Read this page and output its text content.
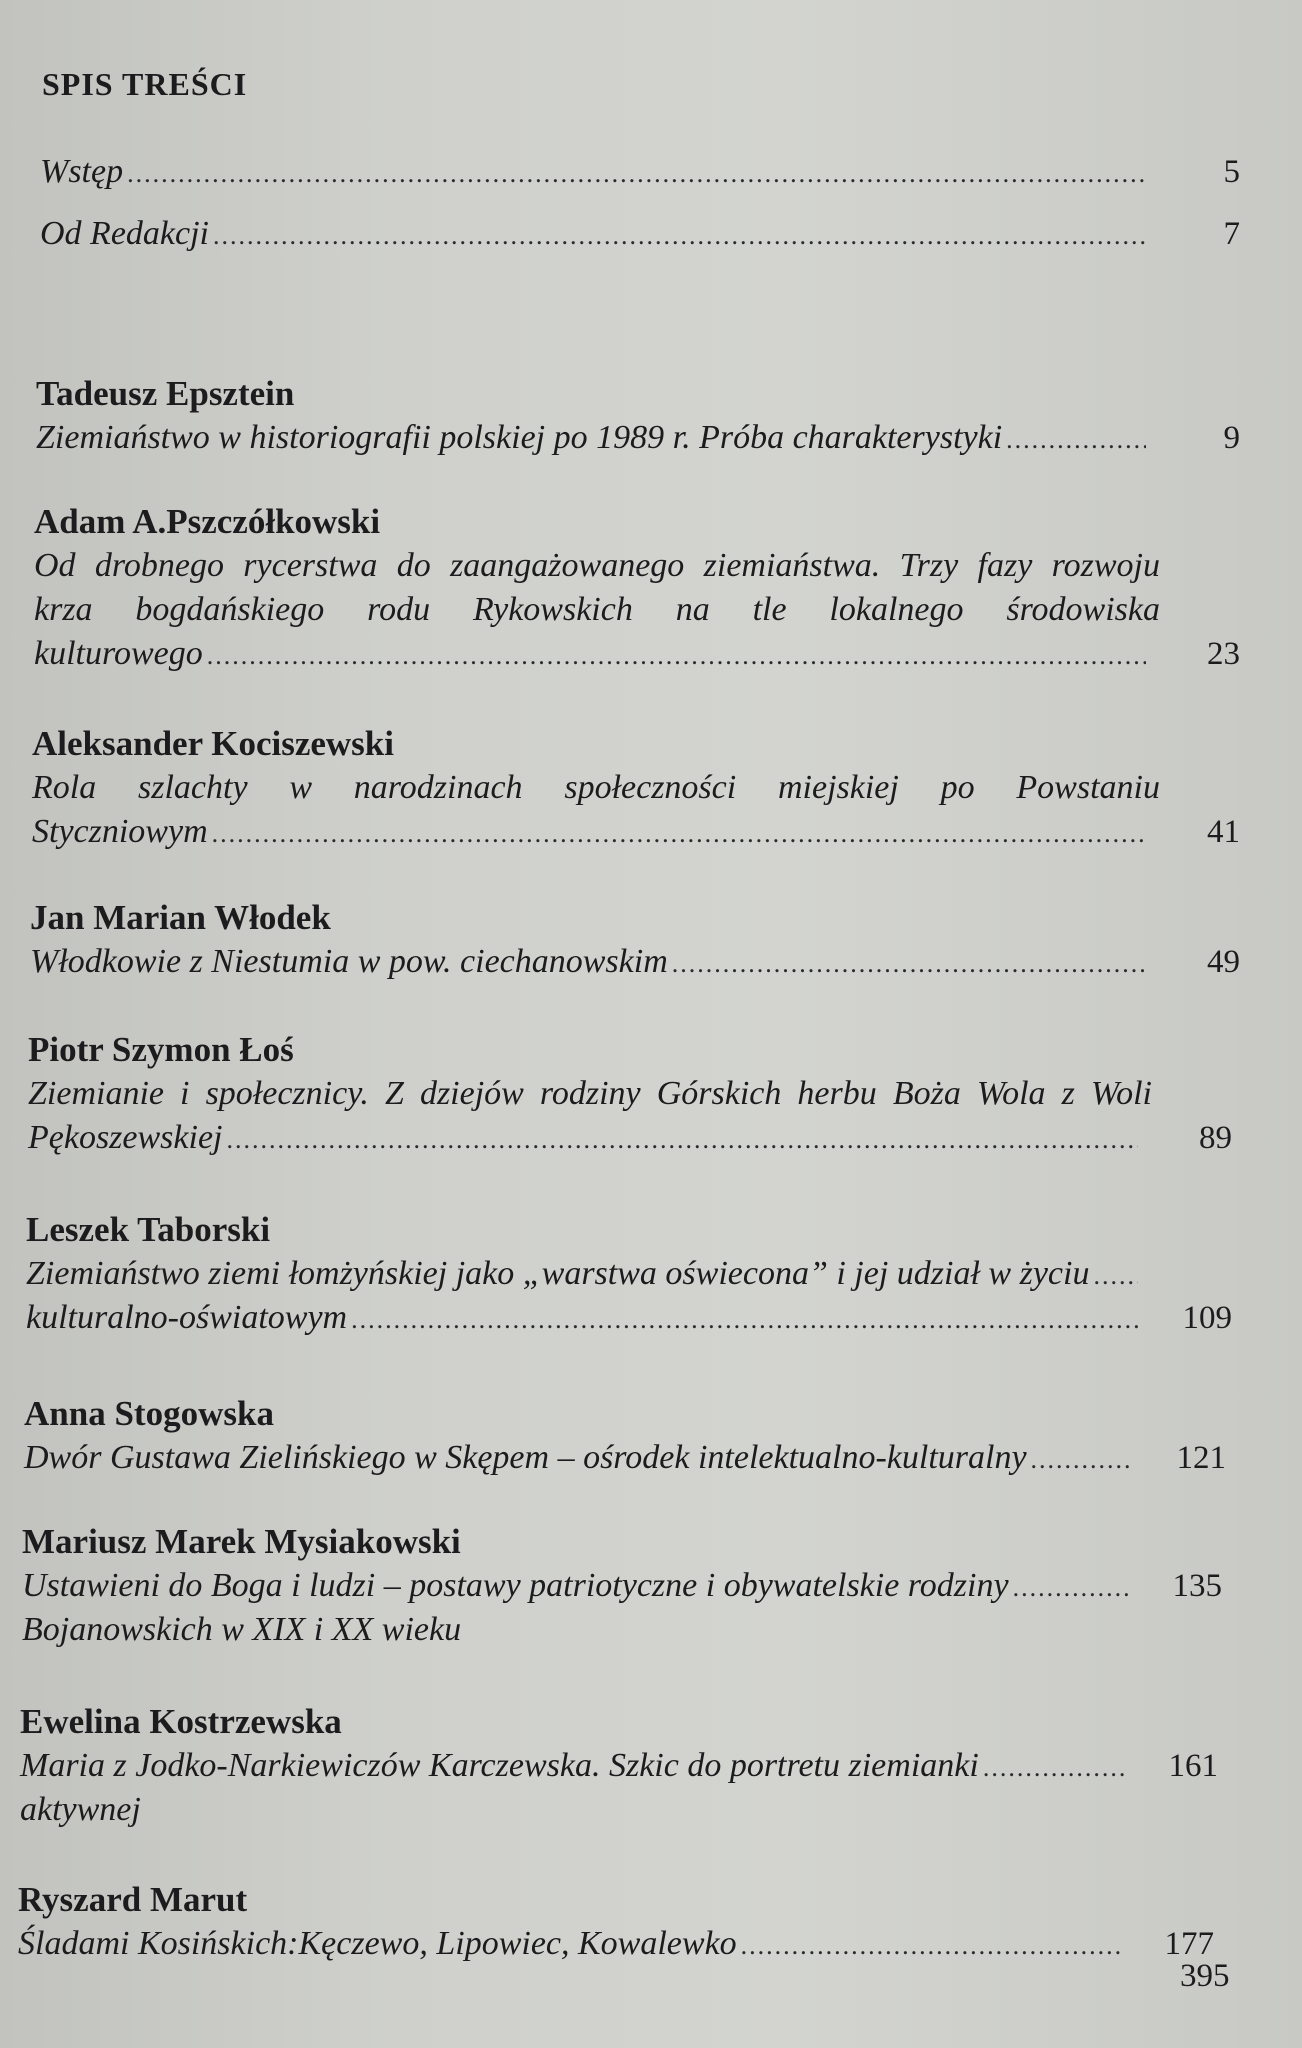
SPIS TREŚCI
Wstęp .....	5
Od Redakcji .....	7
Tadeusz Epsztein
Ziemiaństwo w historiografii polskiej po 1989 r. Próba charakterystyki .....	9
Adam A.Pszczółkowski
Od drobnego rycerstwa do zaangażowanego ziemiaństwa. Trzy fazy rozwoju
krza bogdańskiego rodu Rykowskich na tle lokalnego środowiska
kulturowego .....	23
Aleksander Kociszewski
Rola szlachty w narodzinach społeczności miejskiej po Powstaniu
Styczniowym .....	41
Jan Marian Włodek
Włodkowie z Niestumia w pow. ciechanowskim .....	49
Piotr Szymon Łoś
Ziemianie i społecznicy. Z dziejów rodziny Górskich herbu Boża Wola z Woli
Pękoszewskiej .....	89
Leszek Taborski
Ziemiaństwo ziemi łomżyńskiej jako „warstwa oświecona” i jej udział w życiu
.....
kulturalno-oświatowym .....	109
Anna Stogowska
Dwór Gustawa Zielińskiego w Skępem – ośrodek intelektualno-kulturalny .....	121
Mariusz Marek Mysiakowski
Ustawieni do Boga i ludzi – postawy patriotyczne i obywatelskie rodziny .....	135
Bojanowskich w XIX i XX wieku
Ewelina Kostrzewska
Maria z Jodko-Narkiewiczów Karczewska. Szkic do portretu ziemianki .....	161
aktywnej
Ryszard Marut
Śladami Kosińskich:Kęczewo, Lipowiec, Kowalewko .....	177
395
